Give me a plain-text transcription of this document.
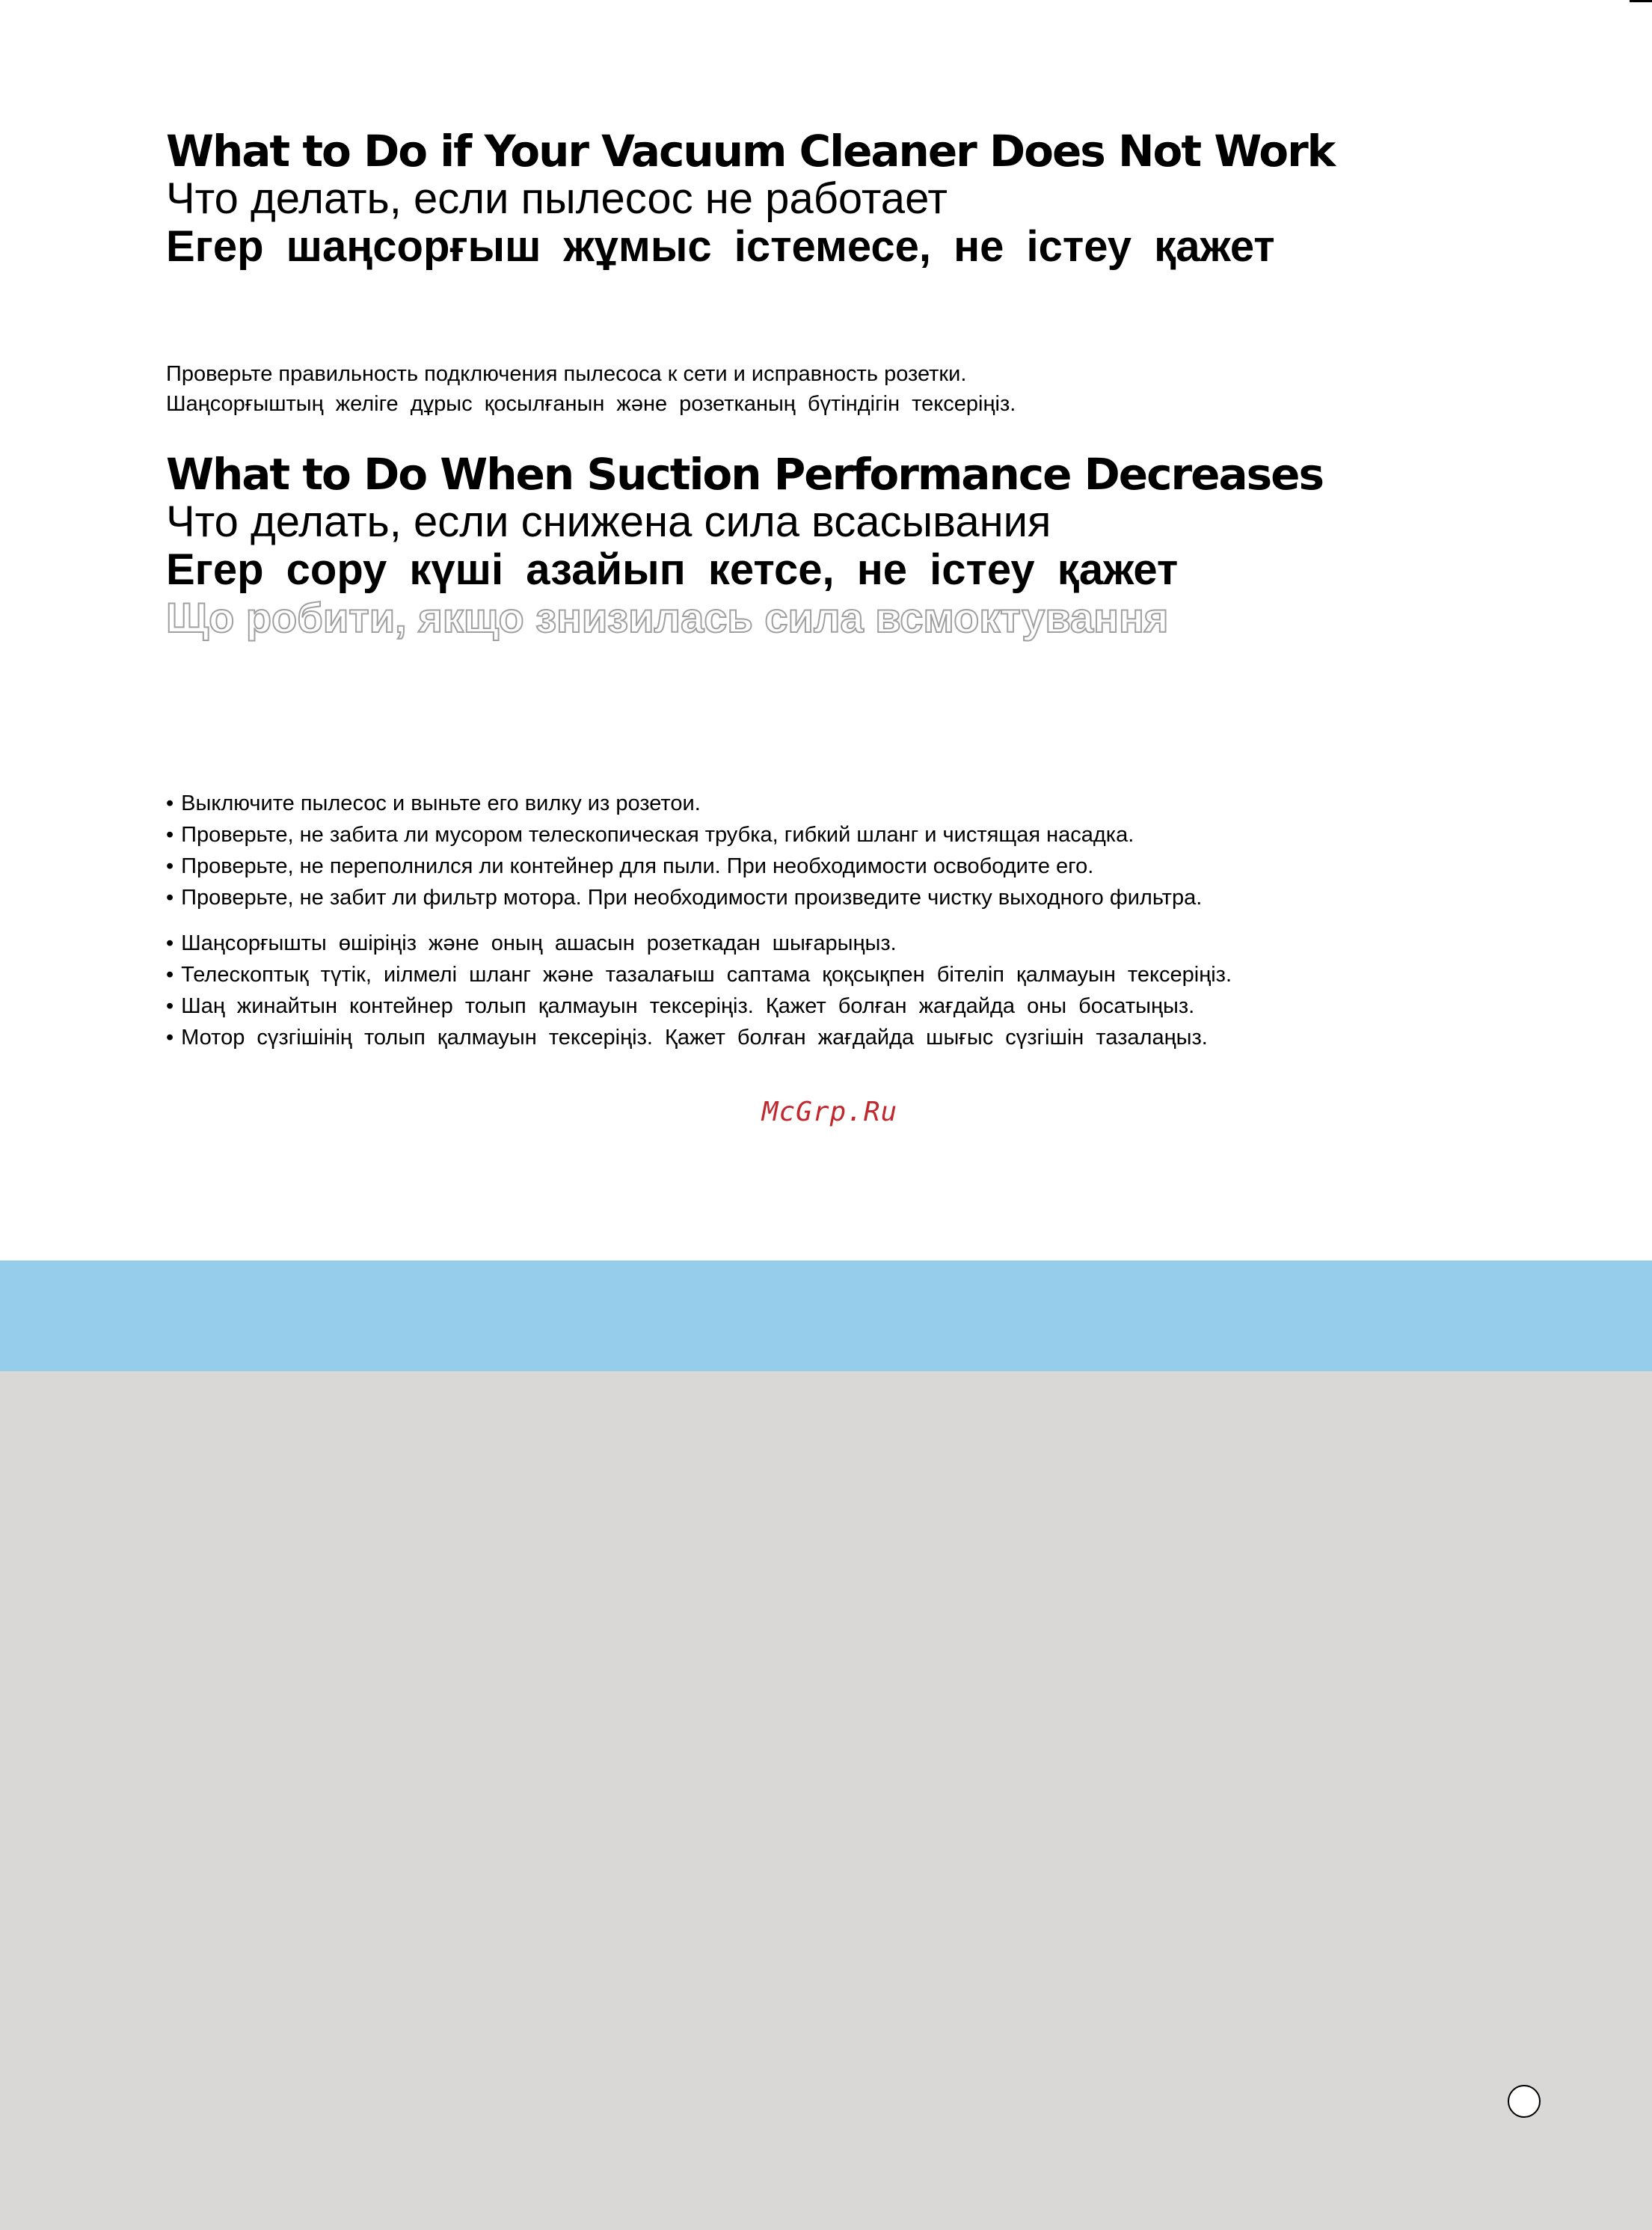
What to Do if Your Vacuum Cleaner Does Not Work
Что делать, если пылесос не работает
Егер шаңсорғыш жұмыс істемесе, не істеу қажет
Проверьте правильность подключения пылесоса к сети и исправность розетки.
Шаңсорғыштың желіге дұрыс қосылғанын және розетканың бүтіндігін тексеріңіз.
What to Do When Suction Performance Decreases
Что делать, если снижена сила всасывания
Егер сору күші азайып кетсе, не істеу қажет
Що робити, якщо знизилась сила всмоктування
• Выключите пылесос и выньте его вилку из розетои.
• Проверьте, не забита ли мусором телескопическая трубка, гибкий шланг и чистящая насадка.
• Проверьте, не переполнился ли контейнер для пыли. При необходимости освободите его.
• Проверьте, не забит ли фильтр мотора. При необходимости произведите чистку выходного фильтра.
• Шаңсорғышты өшіріңіз және оның ашасын розеткадан шығарыңыз.
• Телескоптық түтік, иілмелі шланг және тазалағыш саптама қоқсықпен бітеліп қалмауын тексеріңіз.
• Шаң жинайтын контейнер толып қалмауын тексеріңіз. Қажет болған жағдайда оны босатыңыз.
• Мотор сүзгішінің толып қалмауын тексеріңіз. Қажет болған жағдайда шығыс сүзгішін тазалаңыз.
McGrp.Ru
